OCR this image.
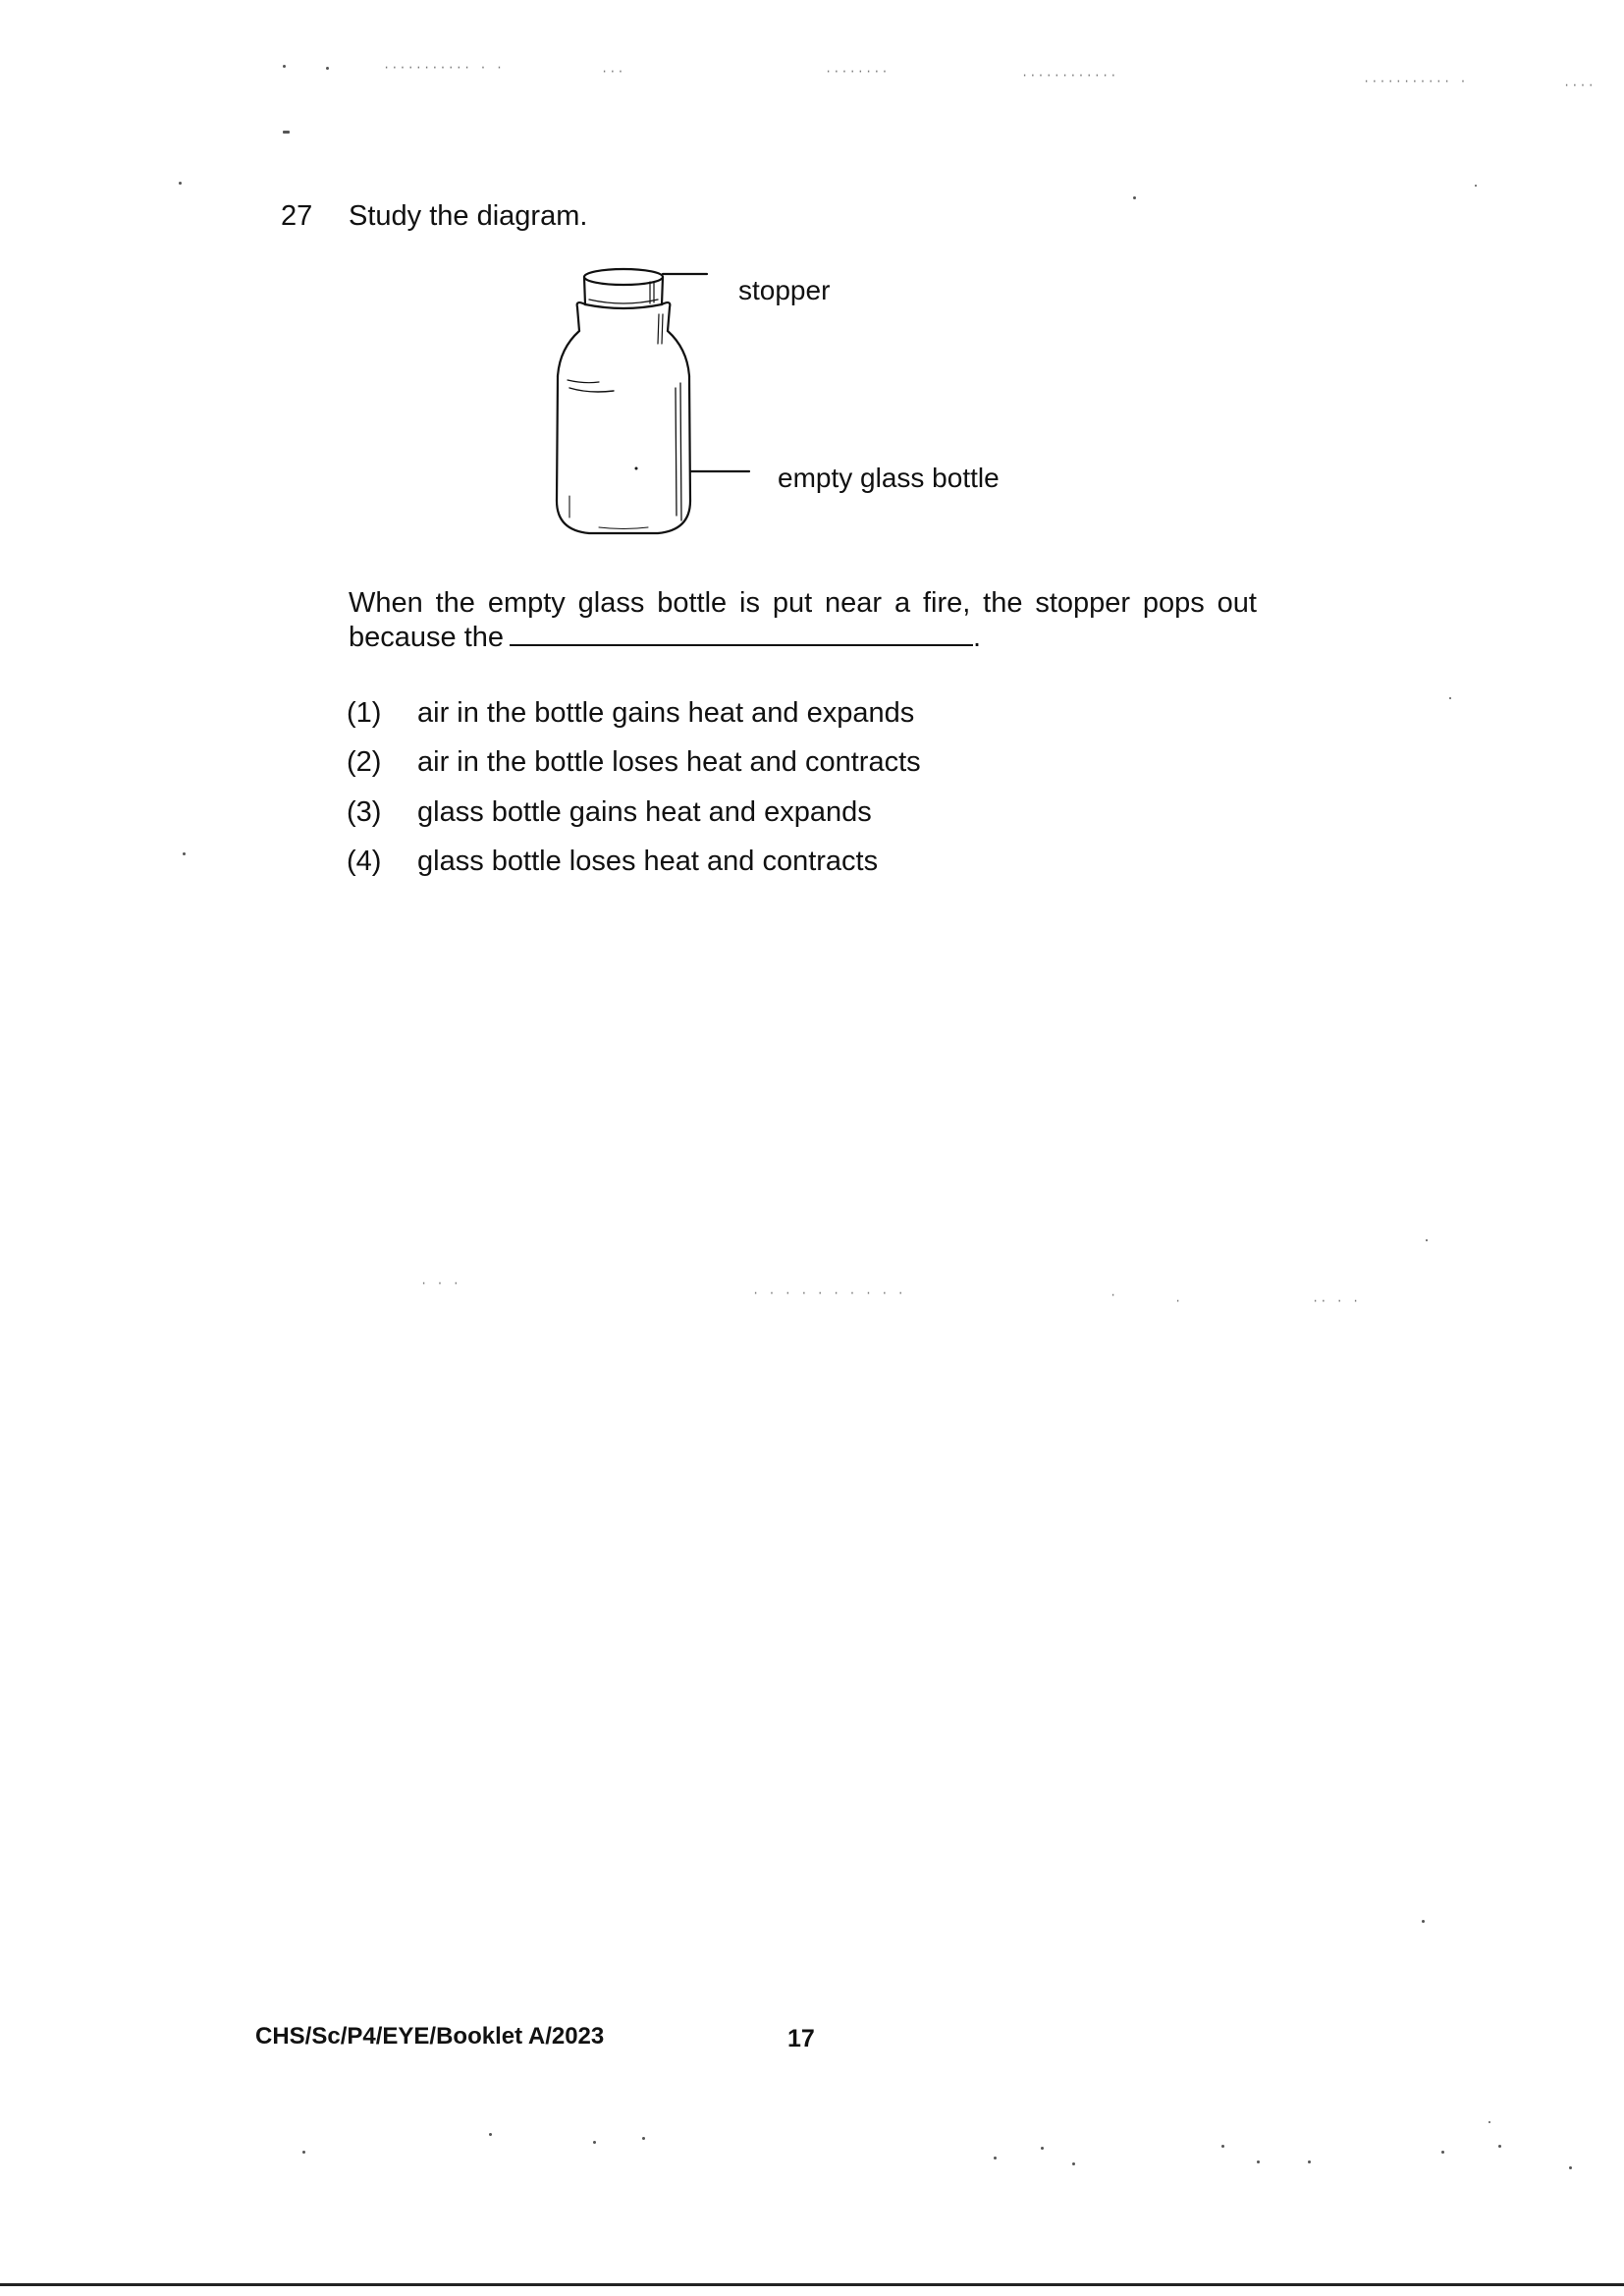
··········· · ·	···	········	············	··········· ·	····
27 Study the diagram.
stopper
empty glass bottle
When the empty glass bottle is put near a fire, the stopper pops out
because the	.
(1) air in the bottle gains heat and expands
(2) air in the bottle loses heat and contracts
(3) glass bottle gains heat and expands
(4) glass bottle loses heat and contracts
· · ·
· · · · · · · · · ·	·	·	·· · ·
CHS/Sc/P4/EYE/Booklet A/2023	17
